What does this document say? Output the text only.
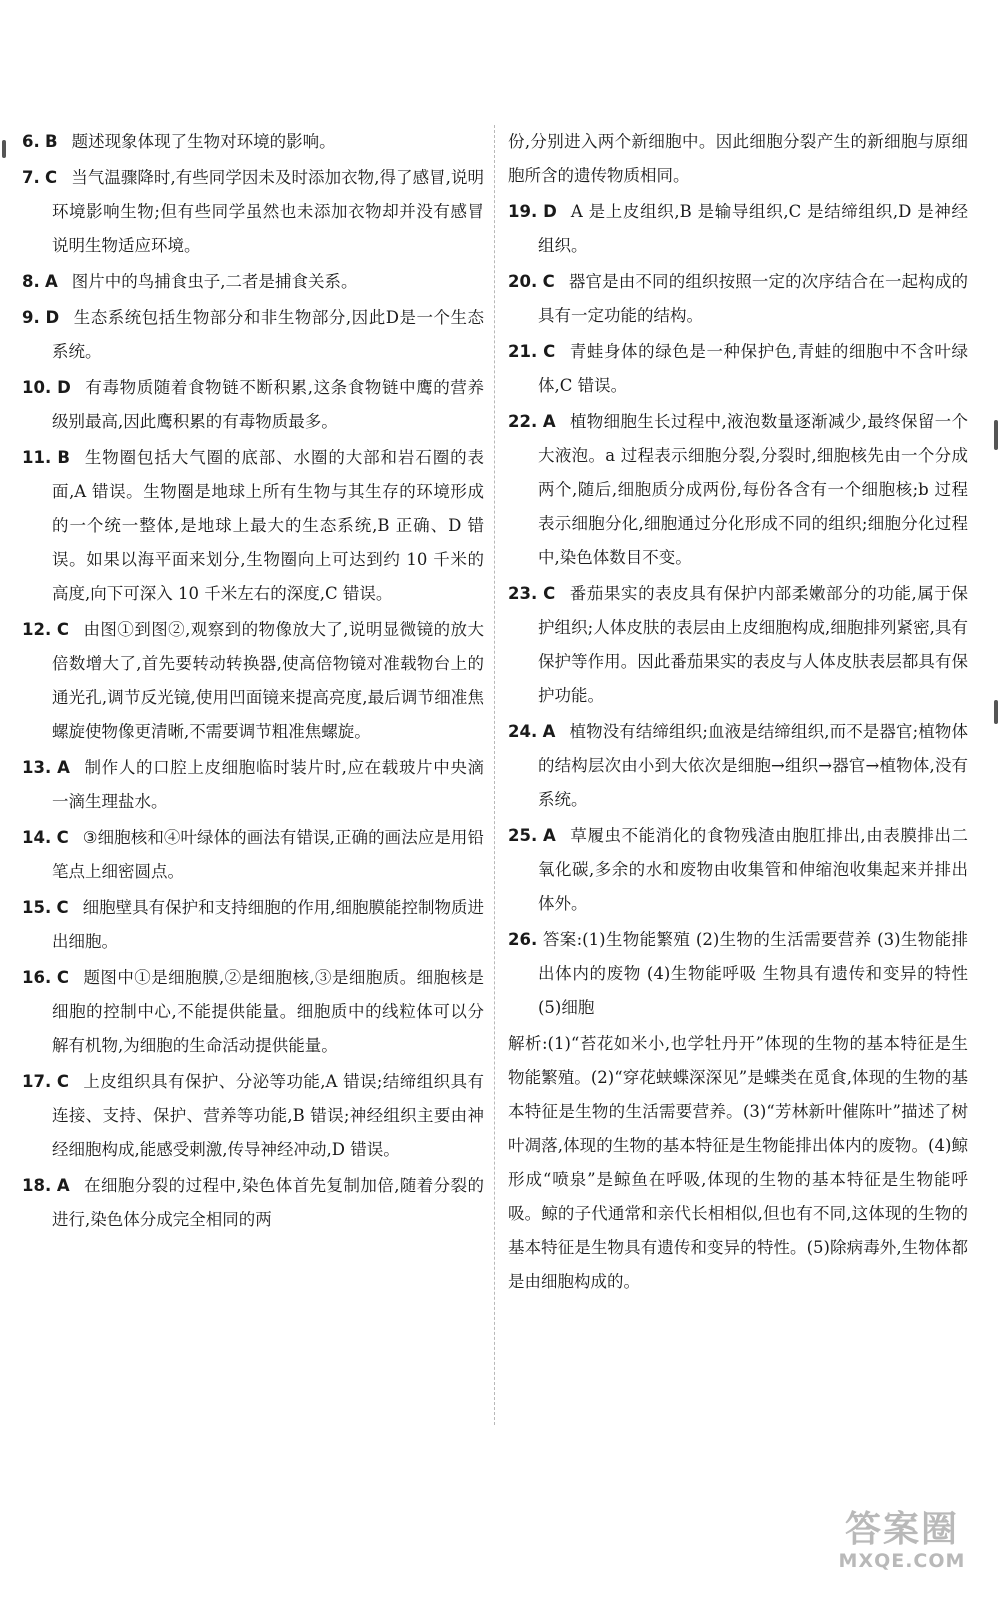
6. B 题述现象体现了生物对环境的影响。
7. C 当气温骤降时,有些同学因未及时添加衣物,得了感冒,说明环境影响生物;但有些同学虽然也未添加衣物却并没有感冒说明生物适应环境。
8. A 图片中的鸟捕食虫子,二者是捕食关系。
9. D 生态系统包括生物部分和非生物部分,因此D是一个生态系统。
10. D 有毒物质随着食物链不断积累,这条食物链中鹰的营养级别最高,因此鹰积累的有毒物质最多。
11. B 生物圈包括大气圈的底部、水圈的大部和岩石圈的表面,A 错误。生物圈是地球上所有生物与其生存的环境形成的一个统一整体,是地球上最大的生态系统,B 正确、D 错误。如果以海平面来划分,生物圈向上可达到约 10 千米的高度,向下可深入 10 千米左右的深度,C 错误。
12. C 由图①到图②,观察到的物像放大了,说明显微镜的放大倍数增大了,首先要转动转换器,使高倍物镜对准载物台上的通光孔,调节反光镜,使用凹面镜来提高亮度,最后调节细准焦螺旋使物像更清晰,不需要调节粗准焦螺旋。
13. A 制作人的口腔上皮细胞临时装片时,应在载玻片中央滴一滴生理盐水。
14. C ③细胞核和④叶绿体的画法有错误,正确的画法应是用铅笔点上细密圆点。
15. C 细胞壁具有保护和支持细胞的作用,细胞膜能控制物质进出细胞。
16. C 题图中①是细胞膜,②是细胞核,③是细胞质。细胞核是细胞的控制中心,不能提供能量。细胞质中的线粒体可以分解有机物,为细胞的生命活动提供能量。
17. C 上皮组织具有保护、分泌等功能,A 错误;结缔组织具有连接、支持、保护、营养等功能,B 错误;神经组织主要由神经细胞构成,能感受刺激,传导神经冲动,D 错误。
18. A 在细胞分裂的过程中,染色体首先复制加倍,随着分裂的进行,染色体分成完全相同的两
份,分别进入两个新细胞中。因此细胞分裂产生的新细胞与原细胞所含的遗传物质相同。
19. D A 是上皮组织,B 是输导组织,C 是结缔组织,D 是神经组织。
20. C 器官是由不同的组织按照一定的次序结合在一起构成的具有一定功能的结构。
21. C 青蛙身体的绿色是一种保护色,青蛙的细胞中不含叶绿体,C 错误。
22. A 植物细胞生长过程中,液泡数量逐渐减少,最终保留一个大液泡。a 过程表示细胞分裂,分裂时,细胞核先由一个分成两个,随后,细胞质分成两份,每份各含有一个细胞核;b 过程表示细胞分化,细胞通过分化形成不同的组织;细胞分化过程中,染色体数目不变。
23. C 番茄果实的表皮具有保护内部柔嫩部分的功能,属于保护组织;人体皮肤的表层由上皮细胞构成,细胞排列紧密,具有保护等作用。因此番茄果实的表皮与人体皮肤表层都具有保护功能。
24. A 植物没有结缔组织;血液是结缔组织,而不是器官;植物体的结构层次由小到大依次是细胞→组织→器官→植物体,没有系统。
25. A 草履虫不能消化的食物残渣由胞肛排出,由表膜排出二氧化碳,多余的水和废物由收集管和伸缩泡收集起来并排出体外。
26. 答案:(1)生物能繁殖 (2)生物的生活需要营养 (3)生物能排出体内的废物 (4)生物能呼吸 生物具有遗传和变异的特性 (5)细胞
解析:(1)“苔花如米小,也学牡丹开”体现的生物的基本特征是生物能繁殖。(2)“穿花蛱蝶深深见”是蝶类在觅食,体现的生物的基本特征是生物的生活需要营养。(3)“芳林新叶催陈叶”描述了树叶凋落,体现的生物的基本特征是生物能排出体内的废物。(4)鲸形成“喷泉”是鲸鱼在呼吸,体现的生物的基本特征是生物能呼吸。鲸的子代通常和亲代长相相似,但也有不同,这体现的生物的基本特征是生物具有遗传和变异的特性。(5)除病毒外,生物体都是由细胞构成的。
答案圈
MXQE.COM
